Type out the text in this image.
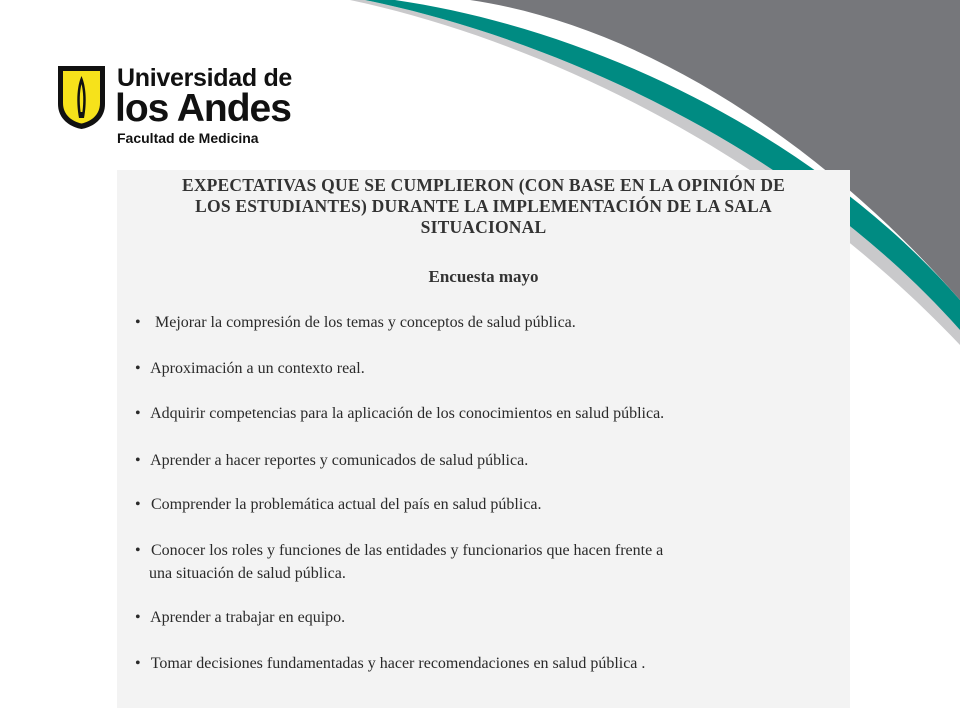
Universidad de
los Andes
Facultad de Medicina
EXPECTATIVAS QUE SE CUMPLIERON (CON BASE EN LA OPINIÓN DE
LOS ESTUDIANTES) DURANTE LA IMPLEMENTACIÓN DE LA SALA
SITUACIONAL
Encuesta mayo
• Mejorar la compresión de los temas y conceptos de salud pública.
• Aproximación a un contexto real.
• Adquirir competencias para la aplicación de los conocimientos en salud pública.
• Aprender a hacer reportes y comunicados de salud pública.
• Comprender la problemática actual del país en salud pública.
• Conocer los roles y funciones de las entidades y funcionarios que hacen frente a
una situación de salud pública.
• Aprender a trabajar en equipo.
• Tomar decisiones fundamentadas y hacer recomendaciones en salud pública .
